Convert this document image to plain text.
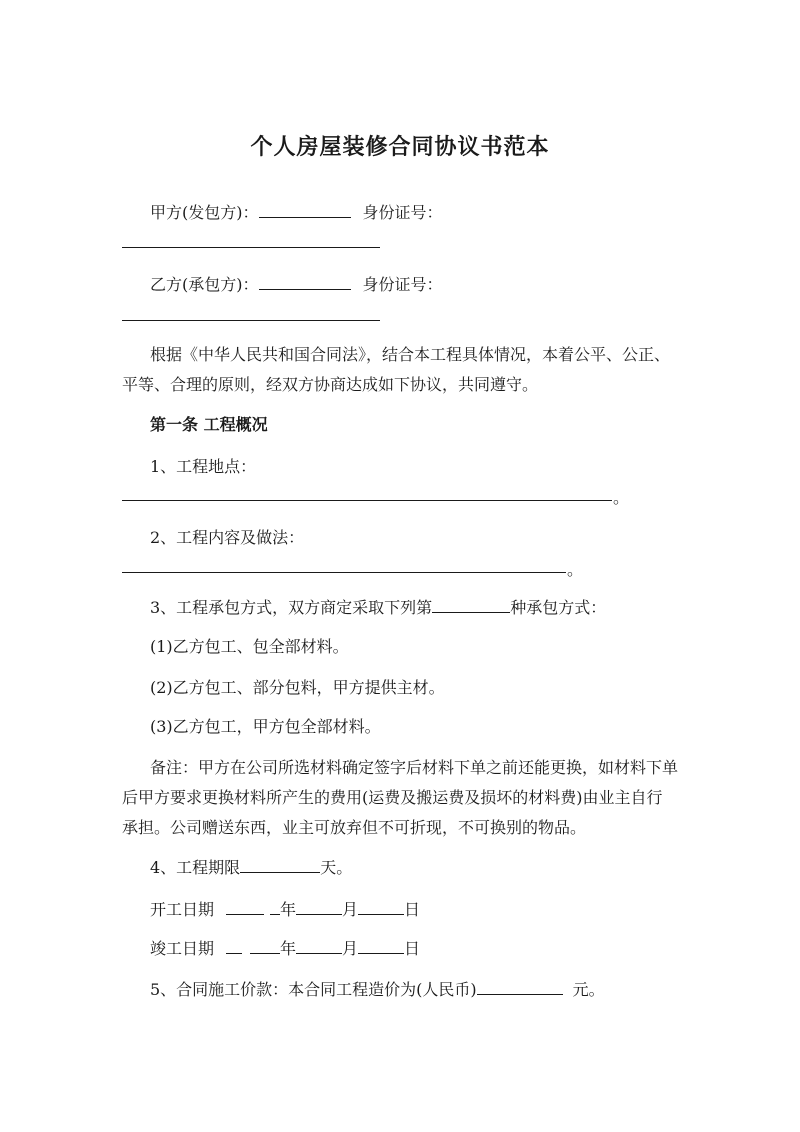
个人房屋装修合同协议书范本
甲方(发包方)：	身份证号：
乙方(承包方)：	身份证号：
根据《中华人民共和国合同法》，结合本工程具体情况，本着公平、公正、
平等、合理的原则，经双方协商达成如下协议，共同遵守。
第一条 工程概况
1、工程地点：
。
2、工程内容及做法：
。
3、工程承包方式，双方商定采取下列第	种承包方式：
(1)乙方包工、包全部材料。
(2)乙方包工、部分包料，甲方提供主材。
(3)乙方包工，甲方包全部材料。
备注：甲方在公司所选材料确定签字后材料下单之前还能更换，如材料下单
后甲方要求更换材料所产生的费用(运费及搬运费及损坏的材料费)由业主自行
承担。公司赠送东西，业主可放弃但不可折现，不可换别的物品。
4、工程期限	天。
开工日期	年	月	日
竣工日期	年	月	日
5、合同施工价款：本合同工程造价为(人民币)	元。
